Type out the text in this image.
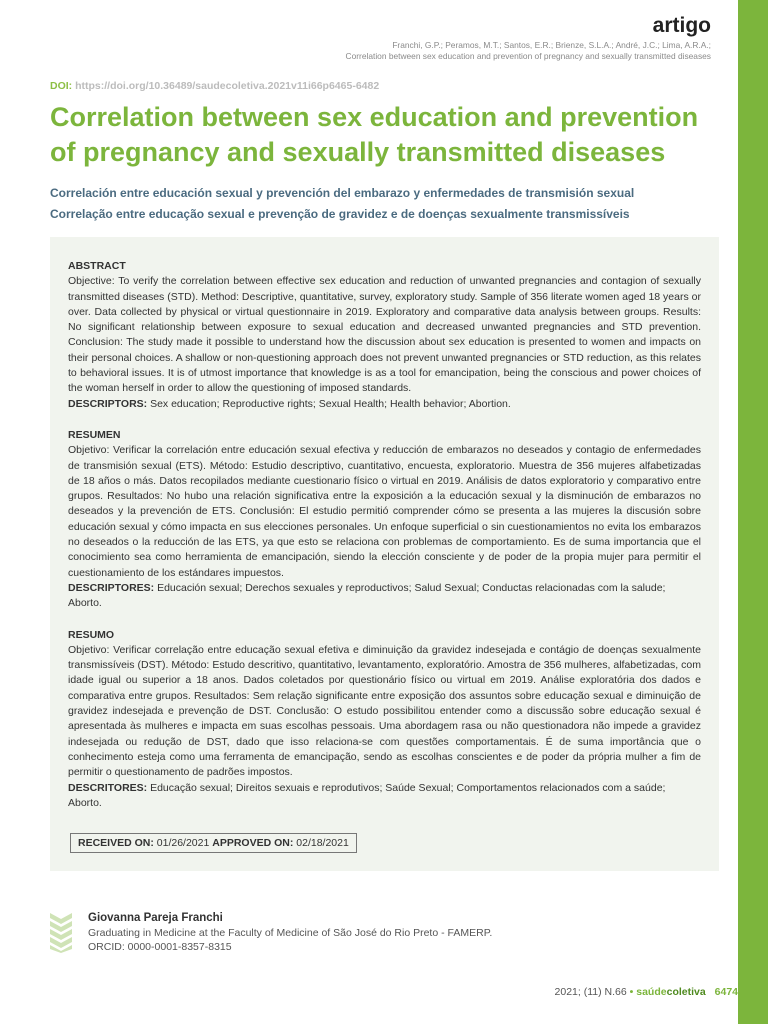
artigo
Franchi, G.P.; Peramos, M.T.; Santos, E.R.; Brienze, S.L.A.; André, J.C.; Lima, A.R.A.;
Correlation between sex education and prevention of pregnancy and sexually transmitted diseases
DOI: https://doi.org/10.36489/saudecoletiva.2021v11i66p6465-6482
Correlation between sex education and prevention of pregnancy and sexually transmitted diseases
Correlación entre educación sexual y prevención del embarazo y enfermedades de transmisión sexual
Correlação entre educação sexual e prevenção de gravidez e de doenças sexualmente transmissíveis
ABSTRACT
Objective: To verify the correlation between effective sex education and reduction of unwanted pregnancies and contagion of sexually transmitted diseases (STD). Method: Descriptive, quantitative, survey, exploratory study. Sample of 356 literate women aged 18 years or over. Data collected by physical or virtual questionnaire in 2019. Exploratory and comparative data analysis between groups. Results: No significant relationship between exposure to sexual education and decreased unwanted pregnancies and STD prevention. Conclusion: The study made it possible to understand how the discussion about sex education is presented to women and impacts on their personal choices. A shallow or non-questioning approach does not prevent unwanted pregnancies or STD reduction, as this relates to behavioral issues. It is of utmost importance that knowledge is as a tool for emancipation, being the conscious and power choices of the woman herself in order to allow the questioning of imposed standards.
DESCRIPTORS: Sex education; Reproductive rights; Sexual Health; Health behavior; Abortion.
RESUMEN
Objetivo: Verificar la correlación entre educación sexual efectiva y reducción de embarazos no deseados y contagio de enfermedades de transmisión sexual (ETS). Método: Estudio descriptivo, cuantitativo, encuesta, exploratorio. Muestra de 356 mujeres alfabetizadas de 18 años o más. Datos recopilados mediante cuestionario físico o virtual en 2019. Análisis de datos exploratorio y comparativo entre grupos. Resultados: No hubo una relación significativa entre la exposición a la educación sexual y la disminución de embarazos no deseados y la prevención de ETS. Conclusión: El estudio permitió comprender cómo se presenta a las mujeres la discusión sobre educación sexual y cómo impacta en sus elecciones personales. Un enfoque superficial o sin cuestionamientos no evita los embarazos no deseados o la reducción de las ETS, ya que esto se relaciona con problemas de comportamiento. Es de suma importancia que el conocimiento sea como herramienta de emancipación, siendo la elección consciente y de poder de la propia mujer para permitir el cuestionamiento de los estándares impuestos.
DESCRIPTORES: Educación sexual; Derechos sexuales y reproductivos; Salud Sexual; Conductas relacionadas com la salude; Aborto.
RESUMO
Objetivo: Verificar correlação entre educação sexual efetiva e diminuição da gravidez indesejada e contágio de doenças sexualmente transmissíveis (DST). Método: Estudo descritivo, quantitativo, levantamento, exploratório. Amostra de 356 mulheres, alfabetizadas, com idade igual ou superior a 18 anos. Dados coletados por questionário físico ou virtual em 2019. Análise exploratória dos dados e comparativa entre grupos. Resultados: Sem relação significante entre exposição dos assuntos sobre educação sexual e diminuição de gravidez indesejada e prevenção de DST. Conclusão: O estudo possibilitou entender como a discussão sobre educação sexual é apresentada às mulheres e impacta em suas escolhas pessoais. Uma abordagem rasa ou não questionadora não impede a gravidez indesejada ou redução de DST, dado que isso relaciona-se com questões comportamentais. É de suma importância que o conhecimento esteja como uma ferramenta de emancipação, sendo as escolhas conscientes e de poder da própria mulher a fim de permitir o questionamento de padrões impostos.
DESCRITORES: Educação sexual; Direitos sexuais e reprodutivos; Saúde Sexual; Comportamentos relacionados com a saúde; Aborto.
RECEIVED ON: 01/26/2021 APPROVED ON: 02/18/2021
Giovanna Pareja Franchi
Graduating in Medicine at the Faculty of Medicine of São José do Rio Preto - FAMERP.
ORCID: 0000-0001-8357-8315
2021; (11) N.66 • saúdecoletiva 6474
